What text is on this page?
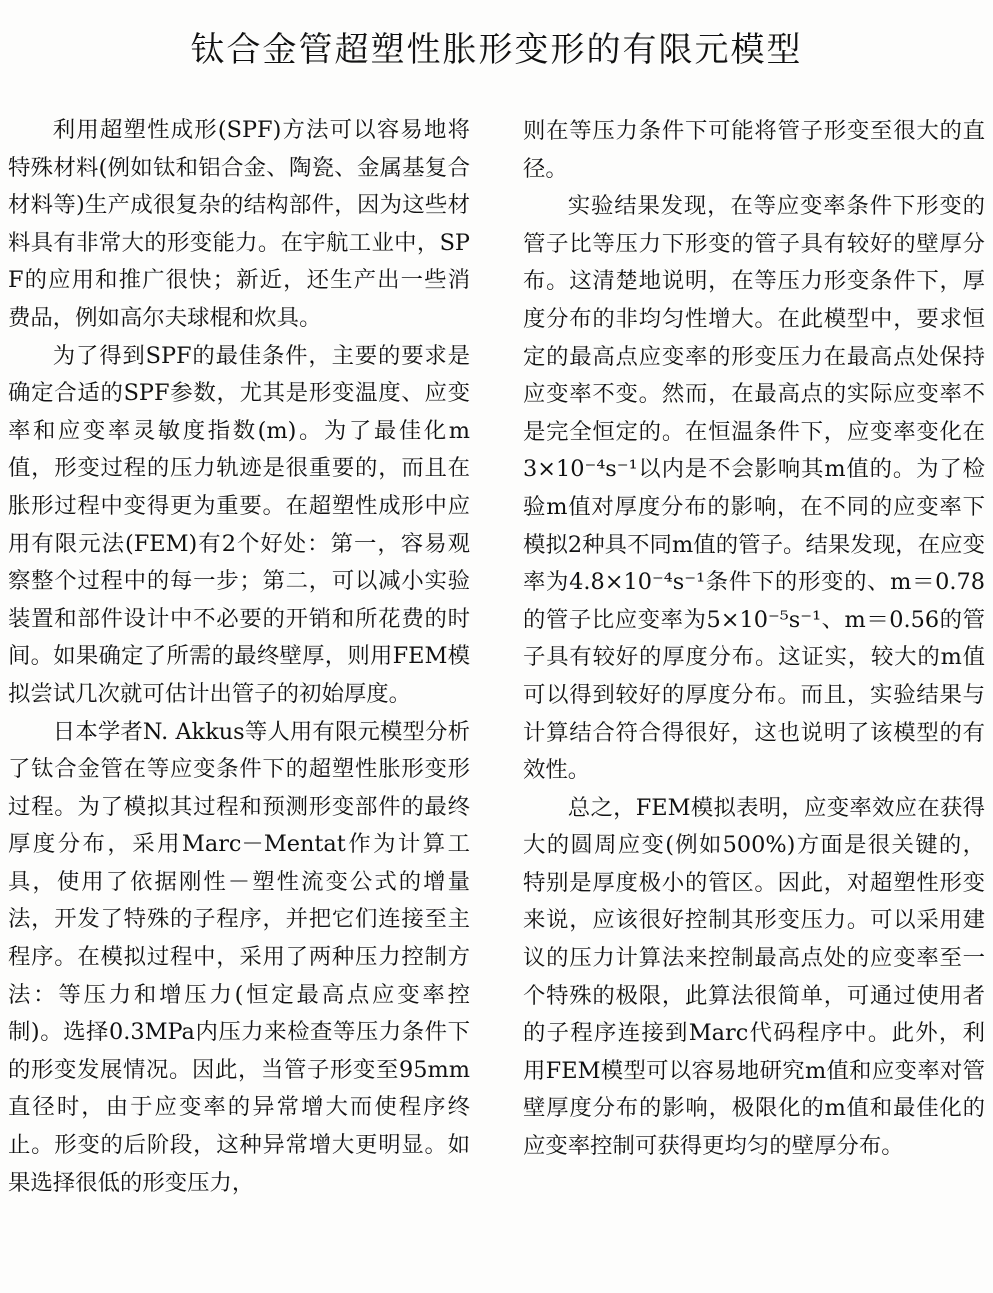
钛合金管超塑性胀形变形的有限元模型

利用超塑性成形(SPF)方法可以容易地将特殊材料(例如钛和铝合金、陶瓷、金属基复合材料等)生产成很复杂的结构部件，因为这些材料具有非常大的形变能力。在宇航工业中，SPF的应用和推广很快；新近，还生产出一些消费品，例如高尔夫球棍和炊具。

为了得到SPF的最佳条件，主要的要求是确定合适的SPF参数，尤其是形变温度、应变率和应变率灵敏度指数(m)。为了最佳化m值，形变过程的压力轨迹是很重要的，而且在胀形过程中变得更为重要。在超塑性成形中应用有限元法(FEM)有2个好处：第一，容易观察整个过程中的每一步；第二，可以减小实验装置和部件设计中不必要的开销和所花费的时间。如果确定了所需的最终壁厚，则用FEM模拟尝试几次就可估计出管子的初始厚度。

日本学者N. Akkus等人用有限元模型分析了钛合金管在等应变条件下的超塑性胀形变形过程。为了模拟其过程和预测形变部件的最终厚度分布，采用Marc－Mentat作为计算工具，使用了依据刚性－塑性流变公式的增量法，开发了特殊的子程序，并把它们连接至主程序。在模拟过程中，采用了两种压力控制方法：等压力和增压力(恒定最高点应变率控制)。选择0.3MPa内压力来检查等压力条件下的形变发展情况。因此，当管子形变至95mm直径时，由于应变率的异常增大而使程序终止。形变的后阶段，这种异常增大更明显。如果选择很低的形变压力，

则在等压力条件下可能将管子形变至很大的直径。

实验结果发现，在等应变率条件下形变的管子比等压力下形变的管子具有较好的壁厚分布。这清楚地说明，在等压力形变条件下，厚度分布的非均匀性增大。在此模型中，要求恒定的最高点应变率的形变压力在最高点处保持应变率不变。然而，在最高点的实际应变率不是完全恒定的。在恒温条件下，应变率变化在3×10⁻⁴s⁻¹以内是不会影响其m值的。为了检验m值对厚度分布的影响，在不同的应变率下模拟2种具不同m值的管子。结果发现，在应变率为4.8×10⁻⁴s⁻¹条件下的形变的、m＝0.78的管子比应变率为5×10⁻⁵s⁻¹、m＝0.56的管子具有较好的厚度分布。这证实，较大的m值可以得到较好的厚度分布。而且，实验结果与计算结合符合得很好，这也说明了该模型的有效性。

总之，FEM模拟表明，应变率效应在获得大的圆周应变(例如500%)方面是很关键的，特别是厚度极小的管区。因此，对超塑性形变来说，应该很好控制其形变压力。可以采用建议的压力计算法来控制最高点处的应变率至一个特殊的极限，此算法很简单，可通过使用者的子程序连接到Marc代码程序中。此外，利用FEM模型可以容易地研究m值和应变率对管壁厚度分布的影响，极限化的m值和最佳化的应变率控制可获得更均匀的壁厚分布。
